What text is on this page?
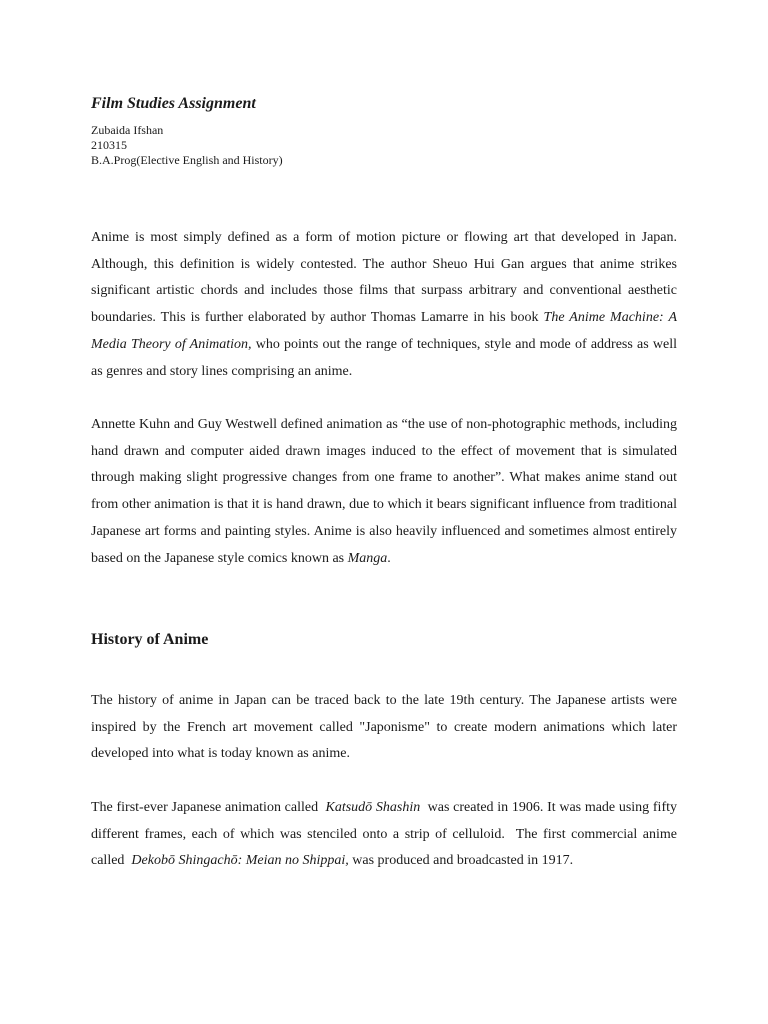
Film Studies Assignment
Zubaida Ifshan
210315
B.A.Prog(Elective English and History)

Anime is most simply defined as a form of motion picture or flowing art that developed in Japan. Although, this definition is widely contested. The author Sheuo Hui Gan argues that anime strikes significant artistic chords and includes those films that surpass arbitrary and conventional aesthetic boundaries. This is further elaborated by author Thomas Lamarre in his book The Anime Machine: A Media Theory of Animation, who points out the range of techniques, style and mode of address as well as genres and story lines comprising an anime.

Annette Kuhn and Guy Westwell defined animation as “the use of non-photographic methods, including hand drawn and computer aided drawn images induced to the effect of movement that is simulated through making slight progressive changes from one frame to another”. What makes anime stand out from other animation is that it is hand drawn, due to which it bears significant influence from traditional Japanese art forms and painting styles. Anime is also heavily influenced and sometimes almost entirely based on the Japanese style comics known as Manga.

History of Anime

The history of anime in Japan can be traced back to the late 19th century. The Japanese artists were inspired by the French art movement called "Japonisme" to create modern animations which later developed into what is today known as anime.

The first-ever Japanese animation called  Katsudō Shashin  was created in 1906. It was made using fifty different frames, each of which was stenciled onto a strip of celluloid.  The first commercial anime called  Dekobō Shingachō: Meian no Shippai, was produced and broadcasted in 1917.
